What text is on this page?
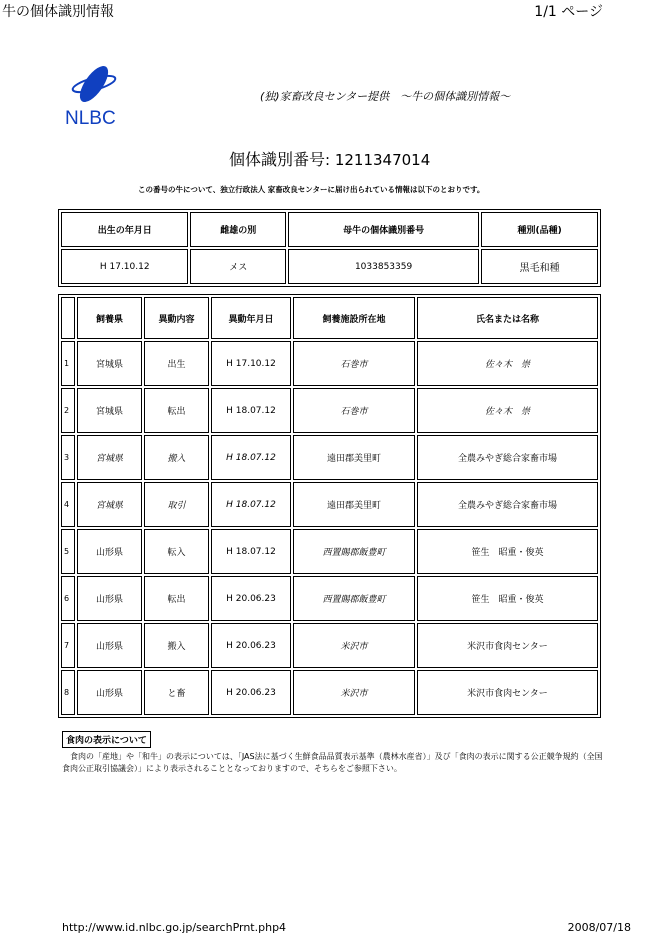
牛の個体識別情報	1/1 ページ
NLBC
(独)家畜改良センター提供　～牛の個体識別情報～
個体識別番号: 1211347014
この番号の牛について、独立行政法人 家畜改良センターに届け出られている情報は以下のとおりです。
出生の年月日	雌雄の別	母牛の個体識別番号	種別(品種)
H 17.10.12	メス	1033853359	黒毛和種
	飼養県	異動内容	異動年月日	飼養施設所在地	氏名または名称
1	宮城県	出生	H 17.10.12	石巻市	佐々木　崇
2	宮城県	転出	H 18.07.12	石巻市	佐々木　崇
3	宮城県	搬入	H 18.07.12	遠田郡美里町	全農みやぎ総合家畜市場
4	宮城県	取引	H 18.07.12	遠田郡美里町	全農みやぎ総合家畜市場
5	山形県	転入	H 18.07.12	西置賜郡飯豊町	笹生　昭重・俊英
6	山形県	転出	H 20.06.23	西置賜郡飯豊町	笹生　昭重・俊英
7	山形県	搬入	H 20.06.23	米沢市	米沢市食肉センター
8	山形県	と畜	H 20.06.23	米沢市	米沢市食肉センター
食肉の表示について
　食肉の「産地」や「和牛」の表示については、「JAS法に基づく生鮮食品品質表示基準（農林水産省）」及び「食肉の表示に関する公正競争規約（全国食肉公正取引協議会）」により表示されることとなっておりますので、そちらをご参照下さい。
http://www.id.nlbc.go.jp/searchPrnt.php4	2008/07/18
